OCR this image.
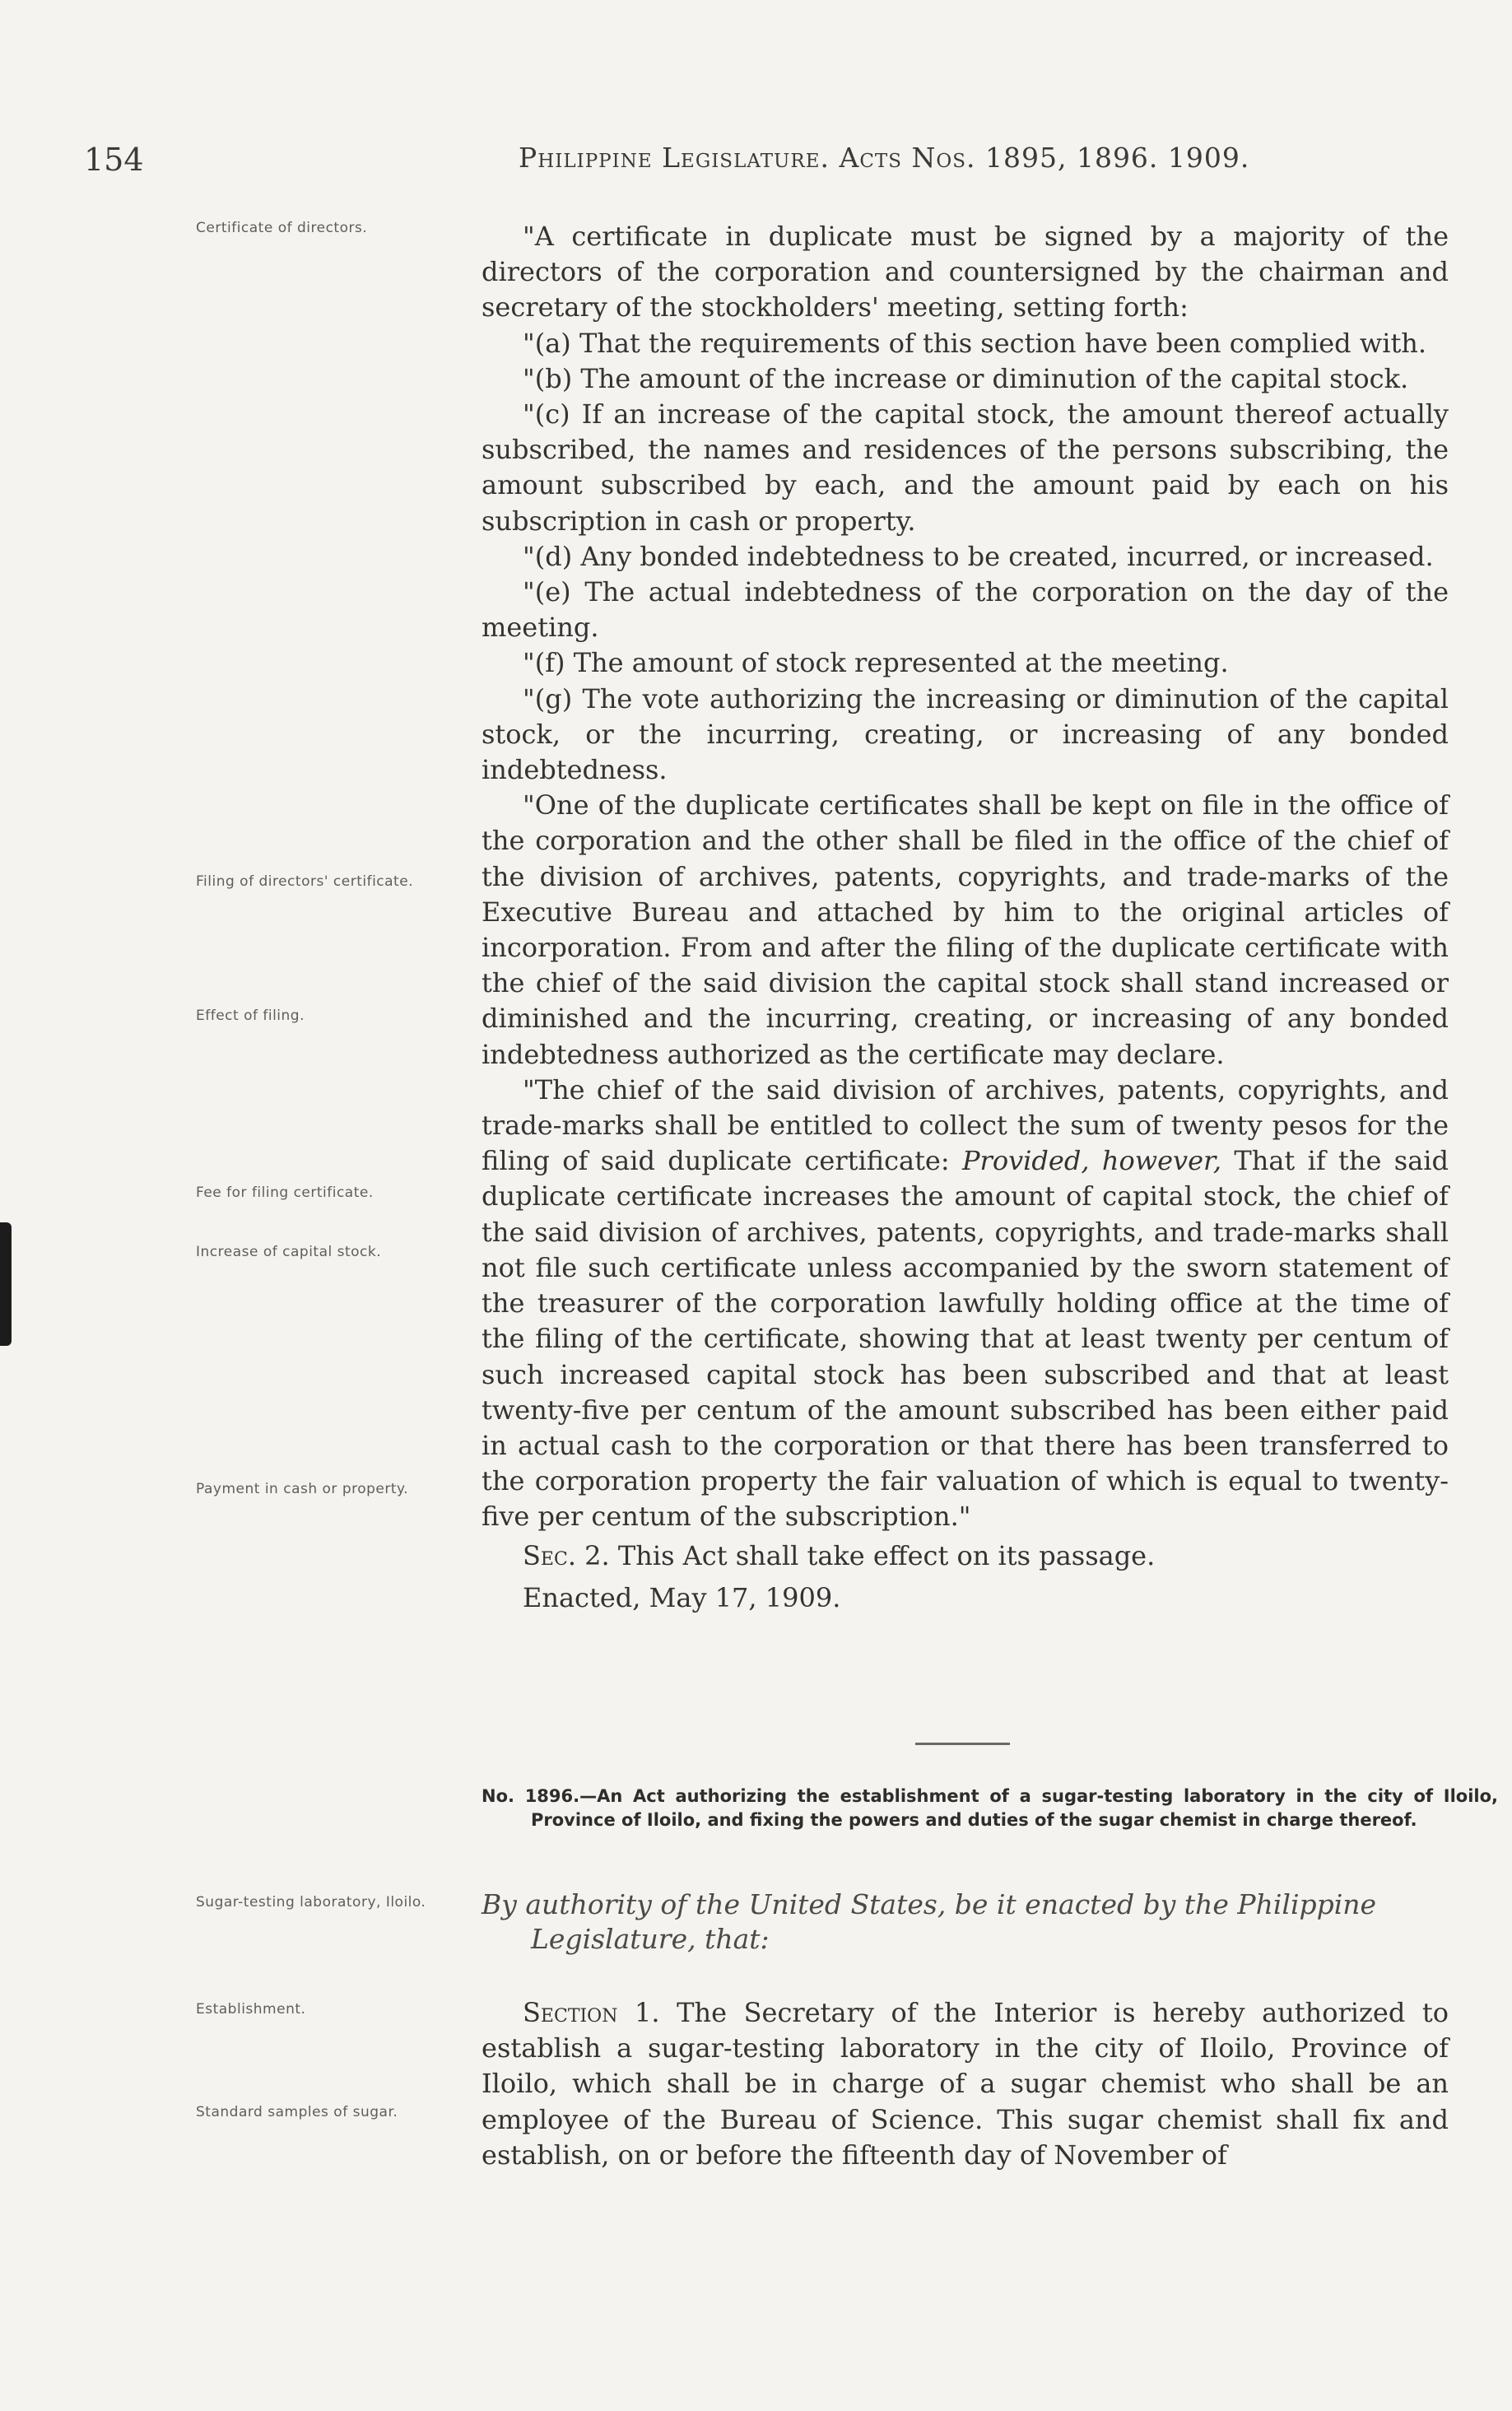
154	Philippine Legislature. Acts Nos. 1895, 1896. 1909.
Certificate of directors.
Filing of directors' certificate.
Effect of filing.
Fee for filing certificate.
Increase of capital stock.
Payment in cash or property.
Sugar-testing laboratory, Iloilo.
Establishment.
Standard samples of sugar.

"A certificate in duplicate must be signed by a majority of the directors of the corporation and countersigned by the chairman and secretary of the stockholders' meeting, setting forth:

"(a) That the requirements of this section have been complied with.

"(b) The amount of the increase or diminution of the capital stock.

"(c) If an increase of the capital stock, the amount thereof actually subscribed, the names and residences of the persons subscribing, the amount subscribed by each, and the amount paid by each on his subscription in cash or property.

"(d) Any bonded indebtedness to be created, incurred, or increased.

"(e) The actual indebtedness of the corporation on the day of the meeting.

"(f) The amount of stock represented at the meeting.

"(g) The vote authorizing the increasing or diminution of the capital stock, or the incurring, creating, or increasing of any bonded indebtedness.

"One of the duplicate certificates shall be kept on file in the office of the corporation and the other shall be filed in the office of the chief of the division of archives, patents, copyrights, and trade-marks of the Executive Bureau and attached by him to the original articles of incorporation. From and after the filing of the duplicate certificate with the chief of the said division the capital stock shall stand increased or diminished and the incurring, creating, or increasing of any bonded indebtedness authorized as the certificate may declare.

"The chief of the said division of archives, patents, copyrights, and trade-marks shall be entitled to collect the sum of twenty pesos for the filing of said duplicate certificate: Provided, however, That if the said duplicate certificate increases the amount of capital stock, the chief of the said division of archives, patents, copyrights, and trade-marks shall not file such certificate unless accompanied by the sworn statement of the treasurer of the corporation lawfully holding office at the time of the filing of the certificate, showing that at least twenty per centum of such increased capital stock has been subscribed and that at least twenty-five per centum of the amount subscribed has been either paid in actual cash to the corporation or that there has been transferred to the corporation property the fair valuation of which is equal to twenty-five per centum of the subscription."

Sec. 2. This Act shall take effect on its passage.

Enacted, May 17, 1909.

No. 1896.—An Act authorizing the establishment of a sugar-testing laboratory in the city of Iloilo, Province of Iloilo, and fixing the powers and duties of the sugar chemist in charge thereof.
By authority of the United States, be it enacted by the Philippine Legislature, that:

Section 1. The Secretary of the Interior is hereby authorized to establish a sugar-testing laboratory in the city of Iloilo, Province of Iloilo, which shall be in charge of a sugar chemist who shall be an employee of the Bureau of Science. This sugar chemist shall fix and establish, on or before the fifteenth day of November of
